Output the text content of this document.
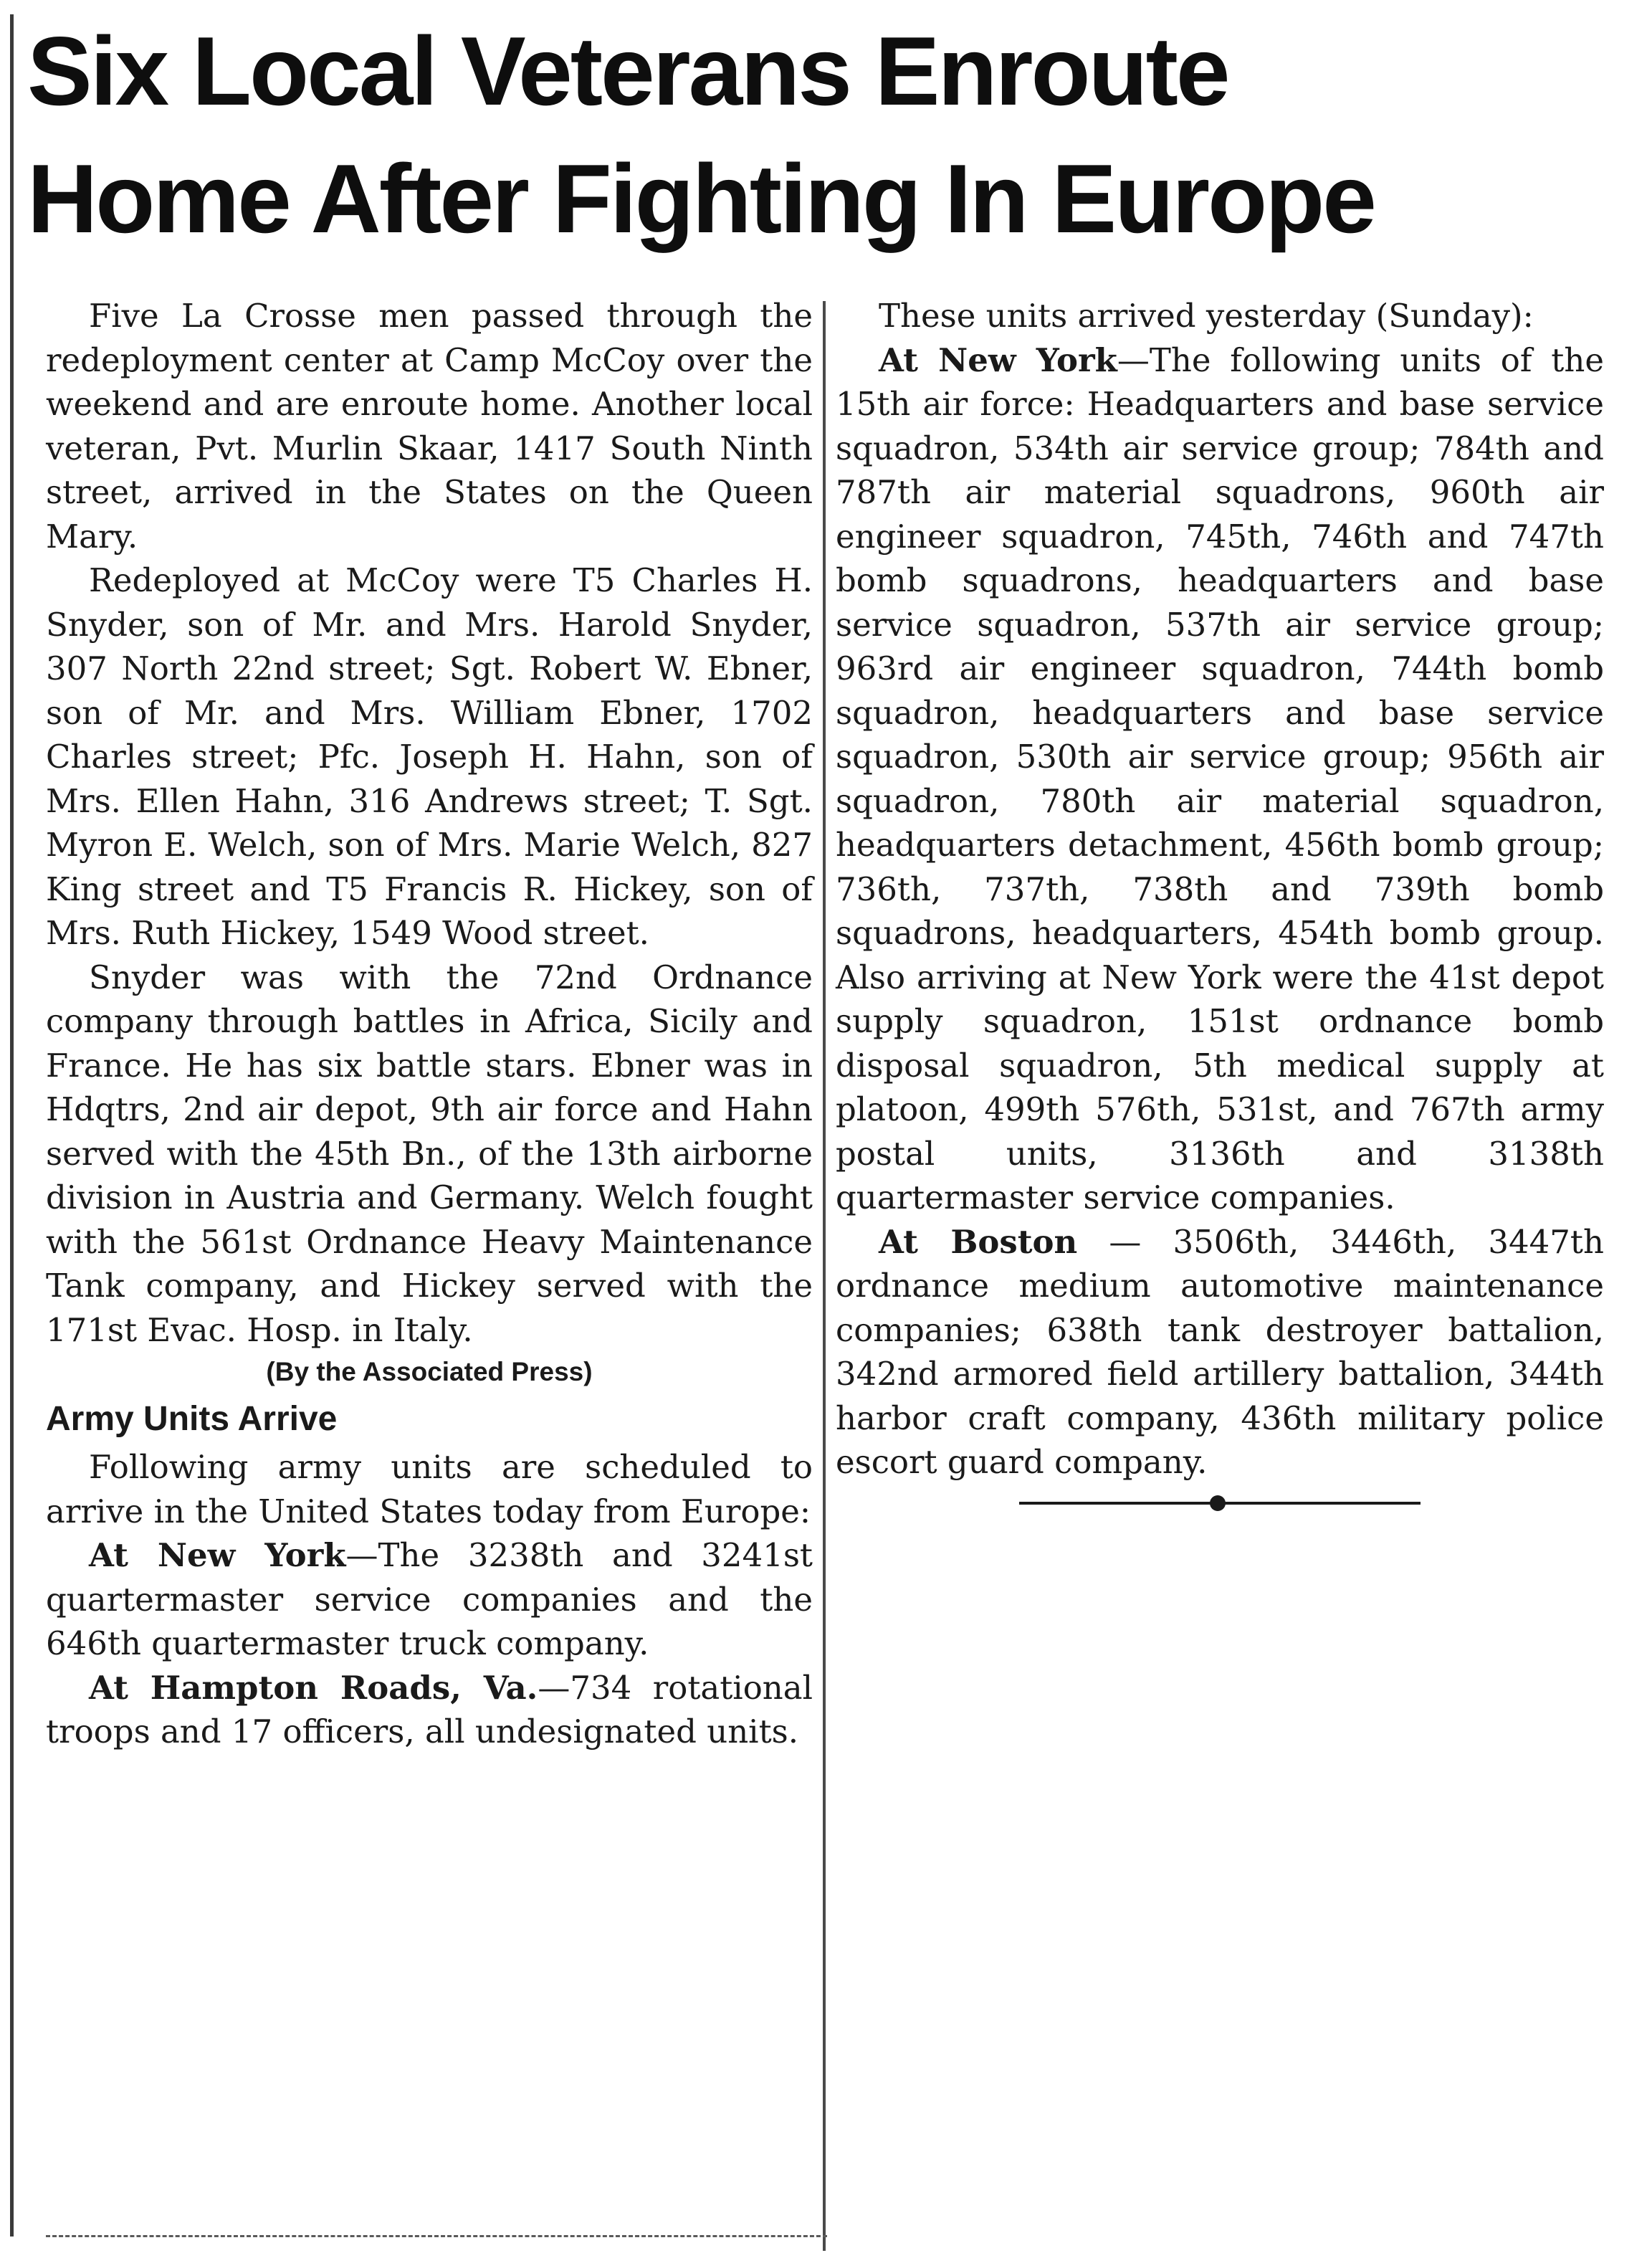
Six Local Veterans Enroute
Home After Fighting In Europe

Five La Crosse men passed through the redeployment center at Camp McCoy over the weekend and are enroute home. Another local veteran, Pvt. Murlin Skaar, 1417 South Ninth street, arrived in the States on the Queen Mary.

Redeployed at McCoy were T5 Charles H. Snyder, son of Mr. and Mrs. Harold Snyder, 307 North 22nd street; Sgt. Robert W. Ebner, son of Mr. and Mrs. William Ebner, 1702 Charles street; Pfc. Joseph H. Hahn, son of Mrs. Ellen Hahn, 316 Andrews street; T. Sgt. Myron E. Welch, son of Mrs. Marie Welch, 827 King street and T5 Francis R. Hickey, son of Mrs. Ruth Hickey, 1549 Wood street.

Snyder was with the 72nd Ordnance company through battles in Africa, Sicily and France. He has six battle stars. Ebner was in Hdqtrs, 2nd air depot, 9th air force and Hahn served with the 45th Bn., of the 13th airborne division in Austria and Germany. Welch fought with the 561st Ordnance Heavy Maintenance Tank company, and Hickey served with the 171st Evac. Hosp. in Italy.

(By the Associated Press)
Army Units Arrive

Following army units are scheduled to arrive in the United States today from Europe:

At New York—The 3238th and 3241st quartermaster service companies and the 646th quartermaster truck company.

At Hampton Roads, Va.—734 rotational troops and 17 officers, all undesignated units.

These units arrived yesterday (Sunday):

At New York—The following units of the 15th air force: Headquarters and base service squadron, 534th air service group; 784th and 787th air material squadrons, 960th air engineer squadron, 745th, 746th and 747th bomb squadrons, headquarters and base service squadron, 537th air service group; 963rd air engineer squadron, 744th bomb squadron, headquarters and base service squadron, 530th air service group; 956th air squadron, 780th air material squadron, headquarters detachment, 456th bomb group; 736th, 737th, 738th and 739th bomb squadrons, headquarters, 454th bomb group. Also arriving at New York were the 41st depot supply squadron, 151st ordnance bomb disposal squadron, 5th medical supply at platoon, 499th 576th, 531st, and 767th army postal units, 3136th and 3138th quartermaster service companies.

At Boston — 3506th, 3446th, 3447th ordnance medium automotive maintenance companies; 638th tank destroyer battalion, 342nd armored field artillery battalion, 344th harbor craft company, 436th military police escort guard company.
